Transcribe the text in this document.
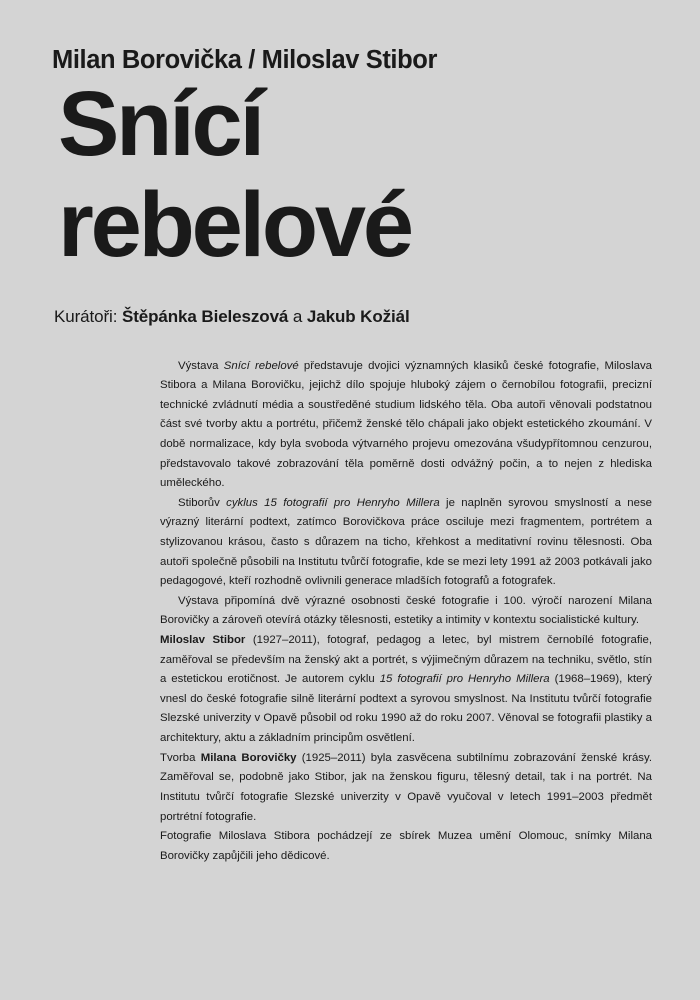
Milan Borovička / Miloslav Stibor
Snící
rebelové

Kurátoři: Štěpánka Bieleszová a Jakub Kožiál

Výstava Snící rebelové představuje dvojici významných klasiků české fotografie, Miloslava Stibora a Milana Borovičku, jejichž dílo spojuje hluboký zájem o černobílou fotografii, precizní technické zvládnutí média a soustředěné studium lidského těla. Oba autoři věnovali podstatnou část své tvorby aktu a portrétu, přičemž ženské tělo chápali jako objekt estetického zkoumání. V době normalizace, kdy byla svoboda výtvarného projevu omezována všudypřítomnou cenzurou, představovalo takové zobrazování těla poměrně dosti odvážný počin, a to nejen z hlediska uměleckého.

Stiborův cyklus 15 fotografií pro Henryho Millera je naplněn syrovou smyslností a nese výrazný literární podtext, zatímco Borovičkova práce osciluje mezi fragmentem, portrétem a stylizovanou krásou, často s důrazem na ticho, křehkost a meditativní rovinu tělesnosti. Oba autoři společně působili na Institutu tvůrčí fotografie, kde se mezi lety 1991 až 2003 potkávali jako pedagogové, kteří rozhodně ovlivnili generace mladších fotografů a fotografek.

Výstava připomíná dvě výrazné osobnosti české fotografie i 100. výročí narození Milana Borovičky a zároveň otevírá otázky tělesnosti, estetiky a intimity v kontextu socialistické kultury.

Miloslav Stibor (1927–2011), fotograf, pedagog a letec, byl mistrem černobílé fotografie, zaměřoval se především na ženský akt a portrét, s výjimečným důrazem na techniku, světlo, stín a estetickou erotičnost. Je autorem cyklu 15 fotografií pro Henryho Millera (1968–1969), který vnesl do české fotografie silně literární podtext a syrovou smyslnost. Na Institutu tvůrčí fotografie Slezské univerzity v Opavě působil od roku 1990 až do roku 2007. Věnoval se fotografii plastiky a architektury, aktu a základním principům osvětlení.

Tvorba Milana Borovičky (1925–2011) byla zasvěcena subtilnímu zobrazování ženské krásy. Zaměřoval se, podobně jako Stibor, jak na ženskou figuru, tělesný detail, tak i na portrét. Na Institutu tvůrčí fotografie Slezské univerzity v Opavě vyučoval v letech 1991–2003 předmět portrétní fotografie.

Fotografie Miloslava Stibora pochádzejí ze sbírek Muzea umění Olomouc, snímky Milana Borovičky zapůjčili jeho dědicové.
